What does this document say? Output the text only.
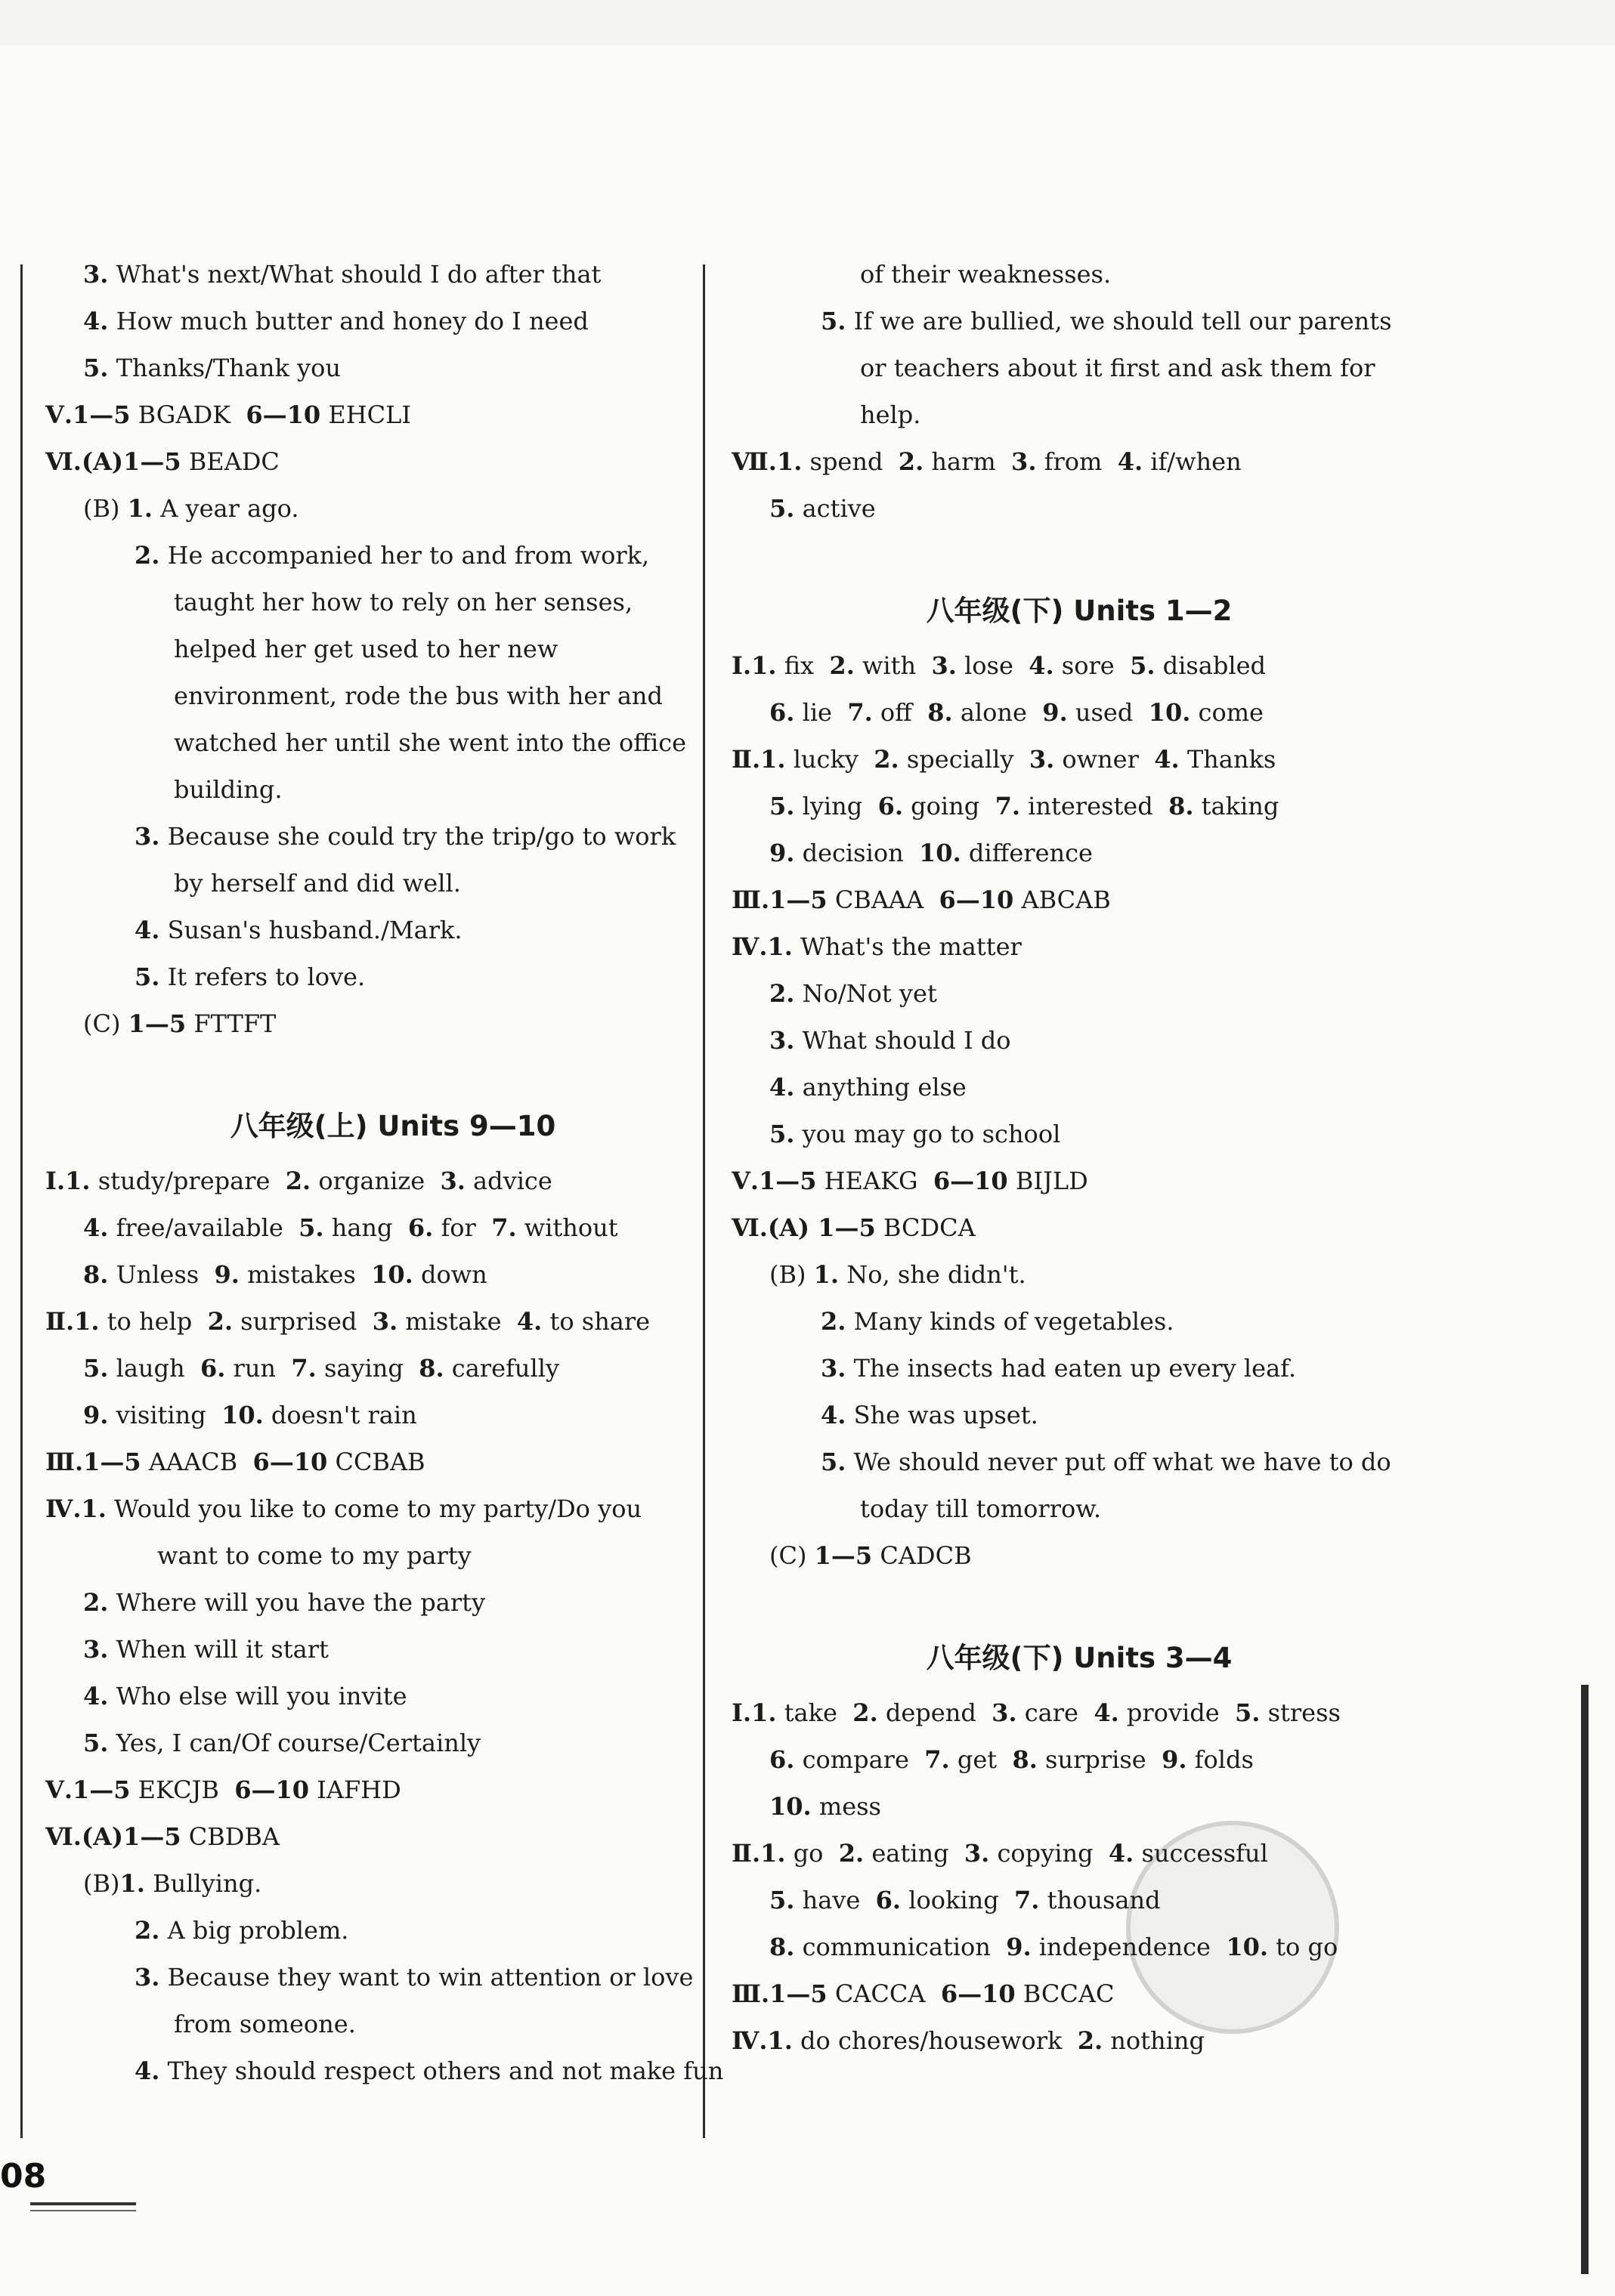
3. What's next/What should I do after that
4. How much butter and honey do I need
5. Thanks/Thank you
Ⅴ.1—5 BGADK  6—10 EHCLI
Ⅵ.(A)1—5 BEADC
(B) 1. A year ago.
2. He accompanied her to and from work,
taught her how to rely on her senses,
helped her get used to her new
environment, rode the bus with her and
watched her until she went into the office
building.
3. Because she could try the trip/go to work
by herself and did well.
4. Susan's husband./Mark.
5. It refers to love.
(C) 1—5 FTTFT
八年级(上) Units 9—10
Ⅰ.1. study/prepare  2. organize  3. advice
4. free/available  5. hang  6. for  7. without
8. Unless  9. mistakes  10. down
Ⅱ.1. to help  2. surprised  3. mistake  4. to share
5. laugh  6. run  7. saying  8. carefully
9. visiting  10. doesn't rain
Ⅲ.1—5 AAACB  6—10 CCBAB
Ⅳ.1. Would you like to come to my party/Do you
want to come to my party
2. Where will you have the party
3. When will it start
4. Who else will you invite
5. Yes, I can/Of course/Certainly
Ⅴ.1—5 EKCJB  6—10 IAFHD
Ⅵ.(A)1—5 CBDBA
(B)1. Bullying.
2. A big problem.
3. Because they want to win attention or love
from someone.
4. They should respect others and not make fun
of their weaknesses.
5. If we are bullied, we should tell our parents
or teachers about it first and ask them for
help.
Ⅶ.1. spend  2. harm  3. from  4. if/when
5. active
八年级(下) Units 1—2
Ⅰ.1. fix  2. with  3. lose  4. sore  5. disabled
6. lie  7. off  8. alone  9. used  10. come
Ⅱ.1. lucky  2. specially  3. owner  4. Thanks
5. lying  6. going  7. interested  8. taking
9. decision  10. difference
Ⅲ.1—5 CBAAA  6—10 ABCAB
Ⅳ.1. What's the matter
2. No/Not yet
3. What should I do
4. anything else
5. you may go to school
Ⅴ.1—5 HEAKG  6—10 BIJLD
Ⅵ.(A) 1—5 BCDCA
(B) 1. No, she didn't.
2. Many kinds of vegetables.
3. The insects had eaten up every leaf.
4. She was upset.
5. We should never put off what we have to do
today till tomorrow.
(C) 1—5 CADCB
八年级(下) Units 3—4
Ⅰ.1. take  2. depend  3. care  4. provide  5. stress
6. compare  7. get  8. surprise  9. folds
10. mess
Ⅱ.1. go  2. eating  3. copying  4. successful
5. have  6. looking  7. thousand
8. communication  9. independence  10. to go
Ⅲ.1—5 CACCA  6—10 BCCAC
Ⅳ.1. do chores/housework  2. nothing
08
